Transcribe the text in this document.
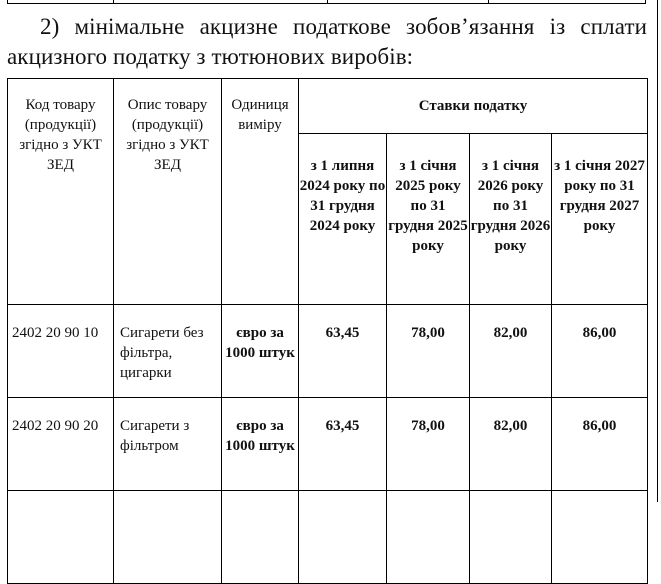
2) мінімальне акцизне податкове зобов’язання із сплати
акцизного податку з тютюнових виробів:
Код товару (продукції) згідно з УКТ ЗЕД	Опис товару (продукції) згідно з УКТ ЗЕД	Одиниця виміру	Ставки податку			
			з 1 липня 2024 року по 31 грудня 2024 року	з 1 січня 2025 року по 31 грудня 2025 року	з 1 січня 2026 року по 31 грудня 2026 року	з 1 січня 2027 року по 31 грудня 2027 року
2402 20 90 10	Сигарети без фільтра, цигарки	євро за 1000 штук	63,45	78,00	82,00	86,00
2402 20 90 20	Сигарети з фільтром	євро за 1000 штук	63,45	78,00	82,00	86,00
